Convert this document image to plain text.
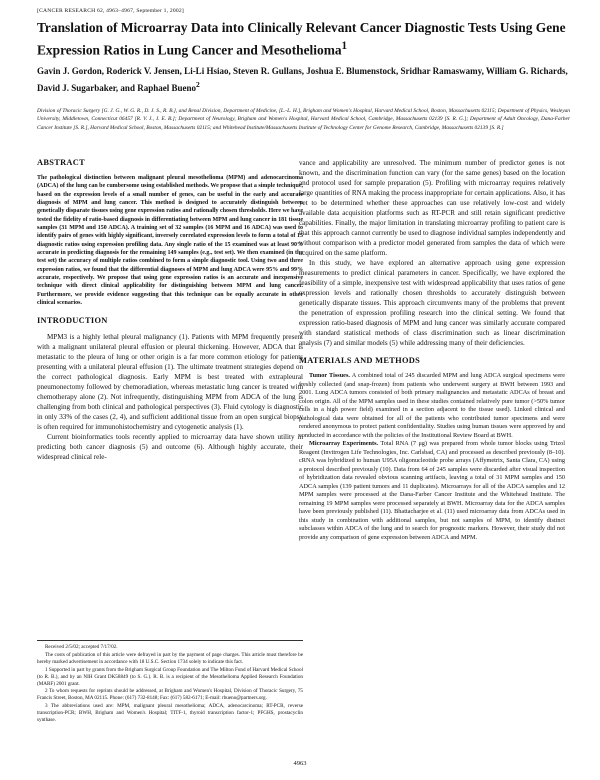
[CANCER RESEARCH 62, 4963–4967, September 1, 2002]
Translation of Microarray Data into Clinically Relevant Cancer Diagnostic Tests Using Gene Expression Ratios in Lung Cancer and Mesothelioma$^1$

Gavin J. Gordon, Roderick V. Jensen, Li-Li Hsiao, Steven R. Gullans, Joshua E. Blumenstock, Sridhar Ramaswamy, William G. Richards, David J. Sugarbaker, and Raphael Bueno$^2$

Division of Thoracic Surgery [G. J. G., W. G. R., D. J. S., R. B.], and Renal Division, Department of Medicine, [L.-L. H.], Brigham and Women's Hospital, Harvard Medical School, Boston, Massachusetts 02115; Department of Physics, Wesleyan University, Middletown, Connecticut 06457 [R. V. J., J. E. B.]; Department of Neurology, Brigham and Women's Hospital, Harvard Medical School, Cambridge, Massachusetts 02139 [S. R. G.]; Department of Adult Oncology, Dana-Farber Cancer Institute [S. R.], Harvard Medical School, Boston, Massachusetts 02115; and Whitehead Institute/Massachusetts Institute of Technology Center for Genome Research, Cambridge, Massachusetts 02139 [S. R.]

ABSTRACT

The pathological distinction between malignant pleural mesothelioma (MPM) and adenocarcinoma (ADCA) of the lung can be cumbersome using established methods. We propose that a simple technique, based on the expression levels of a small number of genes, can be useful in the early and accurate diagnosis of MPM and lung cancer. This method is designed to accurately distinguish between genetically disparate tissues using gene expression ratios and rationally chosen thresholds. Here we have tested the fidelity of ratio-based diagnosis in differentiating between MPM and lung cancer in 181 tissue samples (31 MPM and 150 ADCA). A training set of 32 samples (16 MPM and 16 ADCA) was used to identify pairs of genes with highly significant, inversely correlated expression levels to form a total of 15 diagnostic ratios using expression profiling data. Any single ratio of the 15 examined was at least 90% accurate in predicting diagnosis for the remaining 149 samples (e.g., test set). We then examined (in the test set) the accuracy of multiple ratios combined to form a simple diagnostic tool. Using two and three expression ratios, we found that the differential diagnoses of MPM and lung ADCA were 95% and 99% accurate, respectively. We propose that using gene expression ratios is an accurate and inexpensive technique with direct clinical applicability for distinguishing between MPM and lung cancer. Furthermore, we provide evidence suggesting that this technique can be equally accurate in other clinical scenarios.

INTRODUCTION

MPM3 is a highly lethal pleural malignancy (1). Patients with MPM frequently present with a malignant unilateral pleural effusion or pleural thickening. However, ADCA that is metastatic to the pleura of lung or other origin is a far more common etiology for patients presenting with a unilateral pleural effusion (1). The ultimate treatment strategies depend on the correct pathological diagnosis. Early MPM is best treated with extrapleural pneumonectomy followed by chemoradiation, whereas metastatic lung cancer is treated with chemotherapy alone (2). Not infrequently, distinguishing MPM from ADCA of the lung is challenging from both clinical and pathological perspectives (3). Fluid cytology is diagnostic in only 33% of the cases (2, 4), and sufficient additional tissue from an open surgical biopsy is often required for immunohistochemistry and cytogenetic analysis (1).

Current bioinformatics tools recently applied to microarray data have shown utility in predicting both cancer diagnosis (5) and outcome (6). Although highly accurate, their widespread clinical rele-

vance and applicability are unresolved. The minimum number of predictor genes is not known, and the discrimination function can vary (for the same genes) based on the location and protocol used for sample preparation (5). Profiling with microarray requires relatively large quantities of RNA making the process inappropriate for certain applications. Also, it has yet to be determined whether these approaches can use relatively low-cost and widely available data acquisition platforms such as RT-PCR and still retain significant predictive capabilities. Finally, the major limitation in translating microarray profiling to patient care is that this approach cannot currently be used to diagnose individual samples independently and without comparison with a predictor model generated from samples the data of which were acquired on the same platform.

In this study, we have explored an alternative approach using gene expression measurements to predict clinical parameters in cancer. Specifically, we have explored the feasibility of a simple, inexpensive test with widespread applicability that uses ratios of gene expression levels and rationally chosen thresholds to accurately distinguish between genetically disparate tissues. This approach circumvents many of the problems that prevent the penetration of expression profiling research into the clinical setting. We found that expression ratio-based diagnosis of MPM and lung cancer was similarly accurate compared with standard statistical methods of class discrimination such as linear discrimination analysis (7) and similar models (5) while addressing many of their deficiencies.

MATERIALS AND METHODS

Tumor Tissues. A combined total of 245 discarded MPM and lung ADCA surgical specimens were freshly collected (and snap-frozen) from patients who underwent surgery at BWH between 1993 and 2001. Lung ADCA tumors consisted of both primary malignancies and metastatic ADCAs of breast and colon origin. All of the MPM samples used in these studies contained relatively pure tumor (>50% tumor cells in a high power field) examined in a section adjacent to the tissue used). Linked clinical and pathological data were obtained for all of the patients who contributed tumor specimens and were rendered anonymous to protect patient confidentiality. Studies using human tissues were approved by and conducted in accordance with the policies of the Institutional Review Board at BWH.

Microarray Experiments. Total RNA (7 μg) was prepared from whole tumor blocks using Trizol Reagent (Invitrogen Life Technologies, Inc. Carlsbad, CA) and processed as described previously (8–10). cRNA was hybridized to human U95A oligonucleotide probe arrays (Affymetrix, Santa Clara, CA) using a protocol described previously (10). Data from 64 of 245 samples were discarded after visual inspection of hybridization data revealed obvious scanning artifacts, leaving a total of 31 MPM samples and 150 ADCA samples (139 patient tumors and 11 duplicates). Microarrays for all of the ADCA samples and 12 MPM samples were processed at the Dana-Farber Cancer Institute and the Whitehead Institute. The remaining 19 MPM samples were processed separately at BWH. Microarray data for the ADCA samples have been previously published (11). Bhattacharjee et al. (11) used microarray data from ADCAs used in this study in combination with additional samples, but not samples of MPM, to identify distinct subclasses within ADCA of the lung and to search for prognostic markers. However, their study did not provide any comparison of gene expression between ADCA and MPM.

Received 2/5/02; accepted 7/17/02.

The costs of publication of this article were defrayed in part by the payment of page charges. This article must therefore be hereby marked advertisement in accordance with 18 U.S.C. Section 1734 solely to indicate this fact.

1 Supported in part by grants from the Brigham Surgical Group Foundation and The Milton Fund of Harvard Medical School (to R. B.), and by an NIH Grant DK58849 (to S. G.). R. B. is a recipient of the Mesothelioma Applied Research Foundation (MARF) 2001 grant.

2 To whom requests for reprints should be addressed, at Brigham and Women's Hospital, Division of Thoracic Surgery, 75 Francis Street, Boston, MA 02115. Phone: (617) 732-8148; Fax: (617) 582-6171; E-mail: rbueno@partners.org.

3 The abbreviations used are: MPM, malignant pleural mesothelioma; ADCA, adenocarcinoma; RT-PCR, reverse transcription-PCR; BWH, Brigham and Women's Hospital; TITF-1, thyroid transcription factor-1; PFGHS, prostacyclin synthase.

4963
